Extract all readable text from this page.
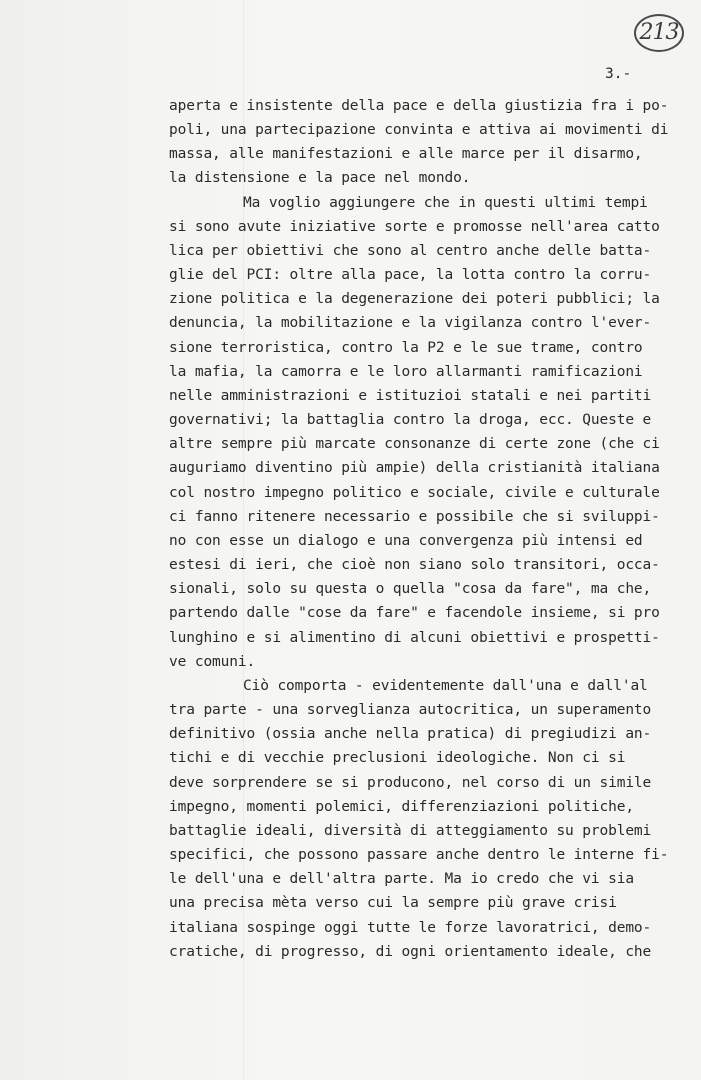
213
3.-
aperta e insistente della pace e della giustizia fra i po-
poli, una partecipazione convinta e attiva ai movimenti di
massa, alle manifestazioni e alle marce per il disarmo,
la distensione e la pace nel mondo.
Ma voglio aggiungere che in questi ultimi tempi
si sono avute iniziative sorte e promosse nell'area catto
lica per obiettivi che sono al centro anche delle batta-
glie del PCI: oltre alla pace, la lotta contro la corru-
zione politica e la degenerazione dei poteri pubblici; la
denuncia, la mobilitazione e la vigilanza contro l'ever-
sione terroristica, contro la P2 e le sue trame, contro
la mafia, la camorra e le loro allarmanti ramificazioni
nelle amministrazioni e istituzioi statali e nei partiti
governativi; la battaglia contro la droga, ecc. Queste e
altre sempre più marcate consonanze di certe zone (che ci
auguriamo diventino più ampie) della cristianità italiana
col nostro impegno politico e sociale, civile e culturale
ci fanno ritenere necessario e possibile che si sviluppi-
no con esse un dialogo e una convergenza più intensi ed
estesi di ieri, che cioè non siano solo transitori, occa-
sionali, solo su questa o quella "cosa da fare", ma che,
partendo dalle "cose da fare" e facendole insieme, si pro
lunghino e si alimentino di alcuni obiettivi e prospetti-
ve comuni.
Ciò comporta - evidentemente dall'una e dall'al
tra parte - una sorveglianza autocritica, un superamento
definitivo (ossia anche nella pratica) di pregiudizi an-
tichi e di vecchie preclusioni ideologiche. Non ci si
deve sorprendere se si producono, nel corso di un simile
impegno, momenti polemici, differenziazioni politiche,
battaglie ideali, diversità di atteggiamento su problemi
specifici, che possono passare anche dentro le interne fi-
le dell'una e dell'altra parte. Ma io credo che vi sia
una precisa mèta verso cui la sempre più grave crisi
italiana sospinge oggi tutte le forze lavoratrici, demo-
cratiche, di progresso, di ogni orientamento ideale, che
